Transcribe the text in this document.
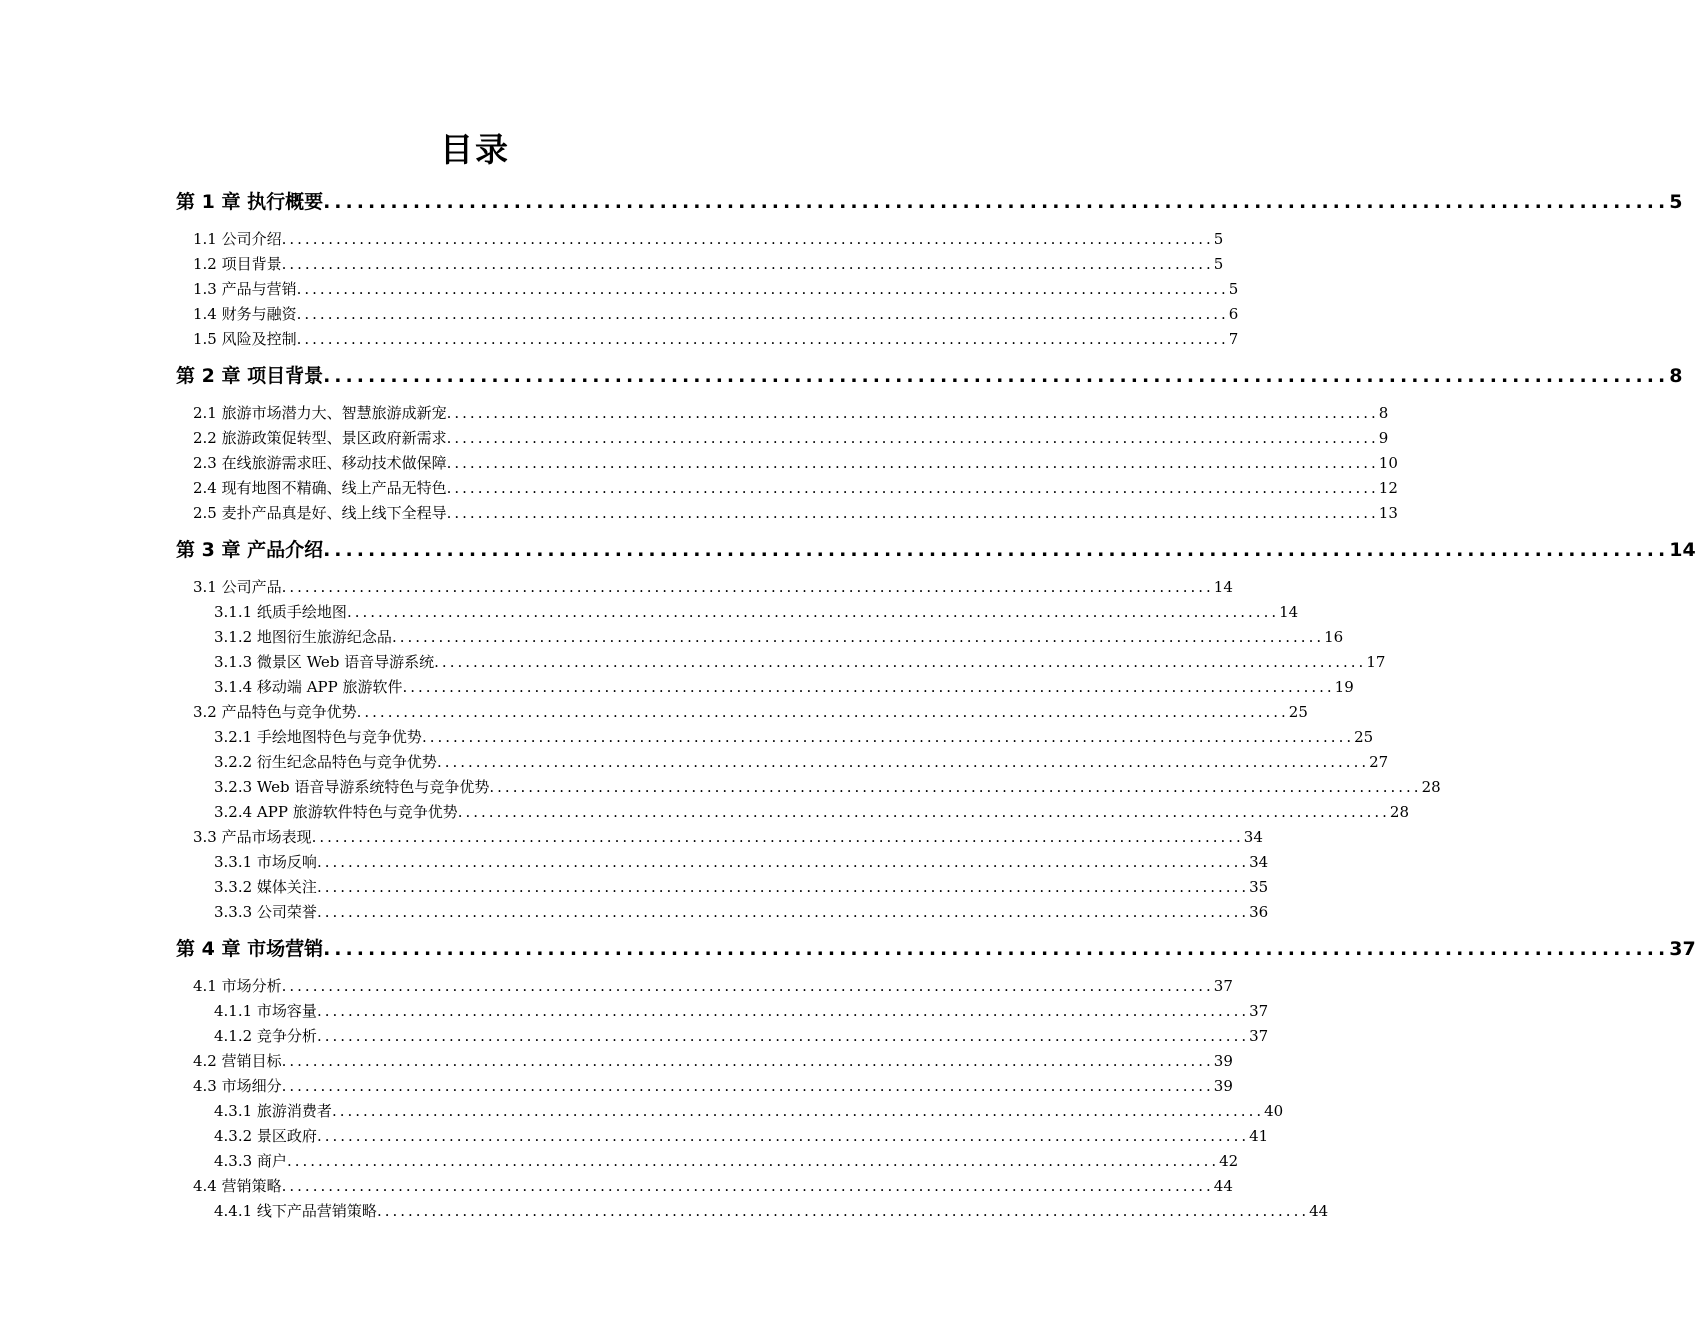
目录
第 1 章 执行概要 ........................................................................................................................ 5
1.1 公司介绍 ........................................................................................................................ 5
1.2 项目背景 ........................................................................................................................ 5
1.3 产品与营销 ........................................................................................................................ 5
1.4 财务与融资 ........................................................................................................................ 6
1.5 风险及控制 ........................................................................................................................ 7
第 2 章 项目背景 ........................................................................................................................ 8
2.1 旅游市场潜力大、智慧旅游成新宠 ........................................................................................................................ 8
2.2 旅游政策促转型、景区政府新需求 ........................................................................................................................ 9
2.3 在线旅游需求旺、移动技术做保障 ........................................................................................................................ 10
2.4 现有地图不精确、线上产品无特色 ........................................................................................................................ 12
2.5 麦扑产品真是好、线上线下全程导 ........................................................................................................................ 13
第 3 章 产品介绍 ........................................................................................................................ 14
3.1 公司产品 ........................................................................................................................ 14
3.1.1 纸质手绘地图 ........................................................................................................................ 14
3.1.2 地图衍生旅游纪念品 ........................................................................................................................ 16
3.1.3 微景区 Web 语音导游系统 ........................................................................................................................ 17
3.1.4 移动端 APP 旅游软件 ........................................................................................................................ 19
3.2 产品特色与竞争优势 ........................................................................................................................ 25
3.2.1 手绘地图特色与竞争优势 ........................................................................................................................ 25
3.2.2 衍生纪念品特色与竞争优势 ........................................................................................................................ 27
3.2.3 Web 语音导游系统特色与竞争优势 ........................................................................................................................ 28
3.2.4 APP 旅游软件特色与竞争优势 ........................................................................................................................ 28
3.3 产品市场表现 ........................................................................................................................ 34
3.3.1 市场反响 ........................................................................................................................ 34
3.3.2 媒体关注 ........................................................................................................................ 35
3.3.3 公司荣誉 ........................................................................................................................ 36
第 4 章 市场营销 ........................................................................................................................ 37
4.1 市场分析 ........................................................................................................................ 37
4.1.1 市场容量 ........................................................................................................................ 37
4.1.2 竞争分析 ........................................................................................................................ 37
4.2 营销目标 ........................................................................................................................ 39
4.3 市场细分 ........................................................................................................................ 39
4.3.1 旅游消费者 ........................................................................................................................ 40
4.3.2 景区政府 ........................................................................................................................ 41
4.3.3 商户 ........................................................................................................................ 42
4.4 营销策略 ........................................................................................................................ 44
4.4.1 线下产品营销策略 ........................................................................................................................ 44
